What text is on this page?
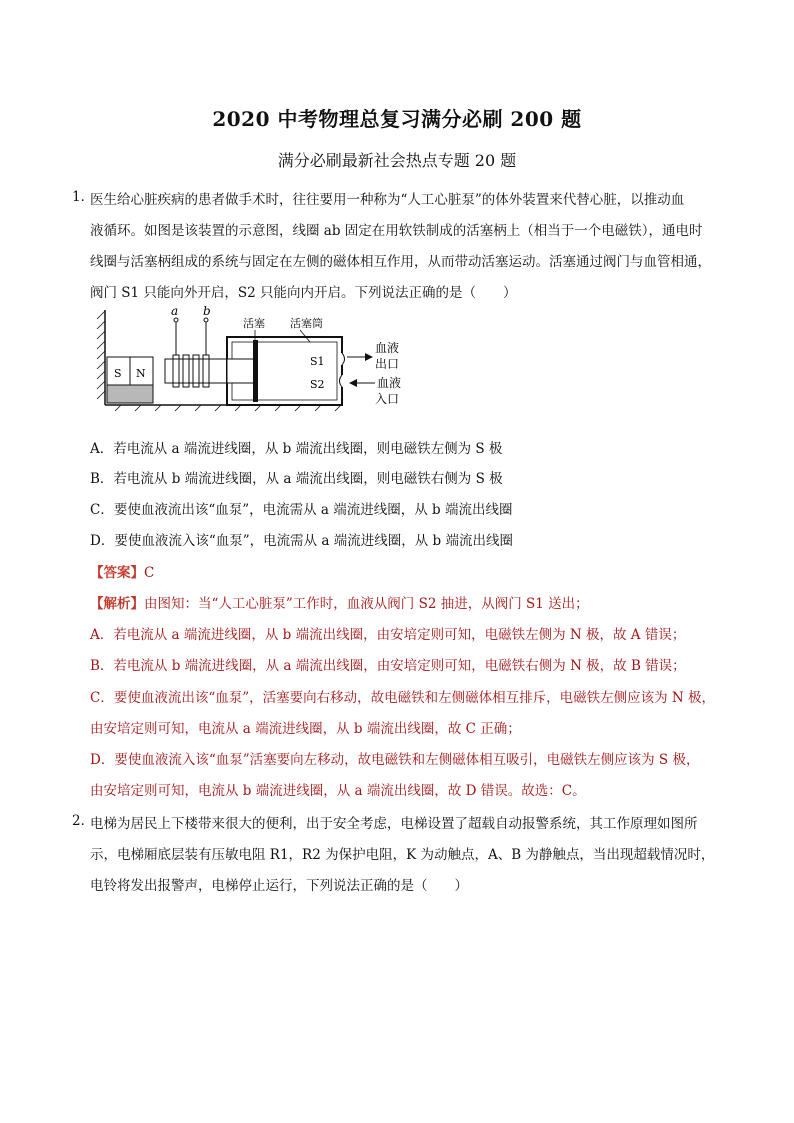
2020 中考物理总复习满分必刷 200 题
满分必刷最新社会热点专题 20 题
1．
医生给心脏疾病的患者做手术时，往往要用一种称为“人工心脏泵”的体外装置来代替心脏，以推动血
液循环。如图是该装置的示意图，线圈 ab 固定在用软铁制成的活塞柄上（相当于一个电磁铁），通电时
线圈与活塞柄组成的系统与固定在左侧的磁体相互作用，从而带动活塞运动。活塞通过阀门与血管相通，
阀门 S1 只能向外开启，S2 只能向内开启。下列说法正确的是（　　）
S N
a b
活塞 活塞筒
S1
S2
血液
出口
血液
入口
A．若电流从 a 端流进线圈，从 b 端流出线圈，则电磁铁左侧为 S 极
B．若电流从 b 端流进线圈，从 a 端流出线圈，则电磁铁右侧为 S 极
C．要使血液流出该“血泵”，电流需从 a 端流进线圈，从 b 端流出线圈
D．要使血液流入该“血泵”，电流需从 a 端流进线圈，从 b 端流出线圈
【答案】C
【解析】由图知：当“人工心脏泵”工作时，血液从阀门 S2 抽进，从阀门 S1 送出；
A．若电流从 a 端流进线圈，从 b 端流出线圈，由安培定则可知，电磁铁左侧为 N 极，故 A 错误；
B．若电流从 b 端流进线圈，从 a 端流出线圈，由安培定则可知，电磁铁右侧为 N 极，故 B 错误；
C．要使血液流出该“血泵”，活塞要向右移动，故电磁铁和左侧磁体相互排斥，电磁铁左侧应该为 N 极，
由安培定则可知，电流从 a 端流进线圈，从 b 端流出线圈，故 C 正确；
D．要使血液流入该“血泵”活塞要向左移动，故电磁铁和左侧磁体相互吸引，电磁铁左侧应该为 S 极，
由安培定则可知，电流从 b 端流进线圈，从 a 端流出线圈，故 D 错误。故选：C。
2．
电梯为居民上下楼带来很大的便利，出于安全考虑，电梯设置了超载自动报警系统，其工作原理如图所
示，电梯厢底层装有压敏电阻 R1，R2 为保护电阻，K 为动触点，A、B 为静触点，当出现超载情况时，
电铃将发出报警声，电梯停止运行，下列说法正确的是（　　）
